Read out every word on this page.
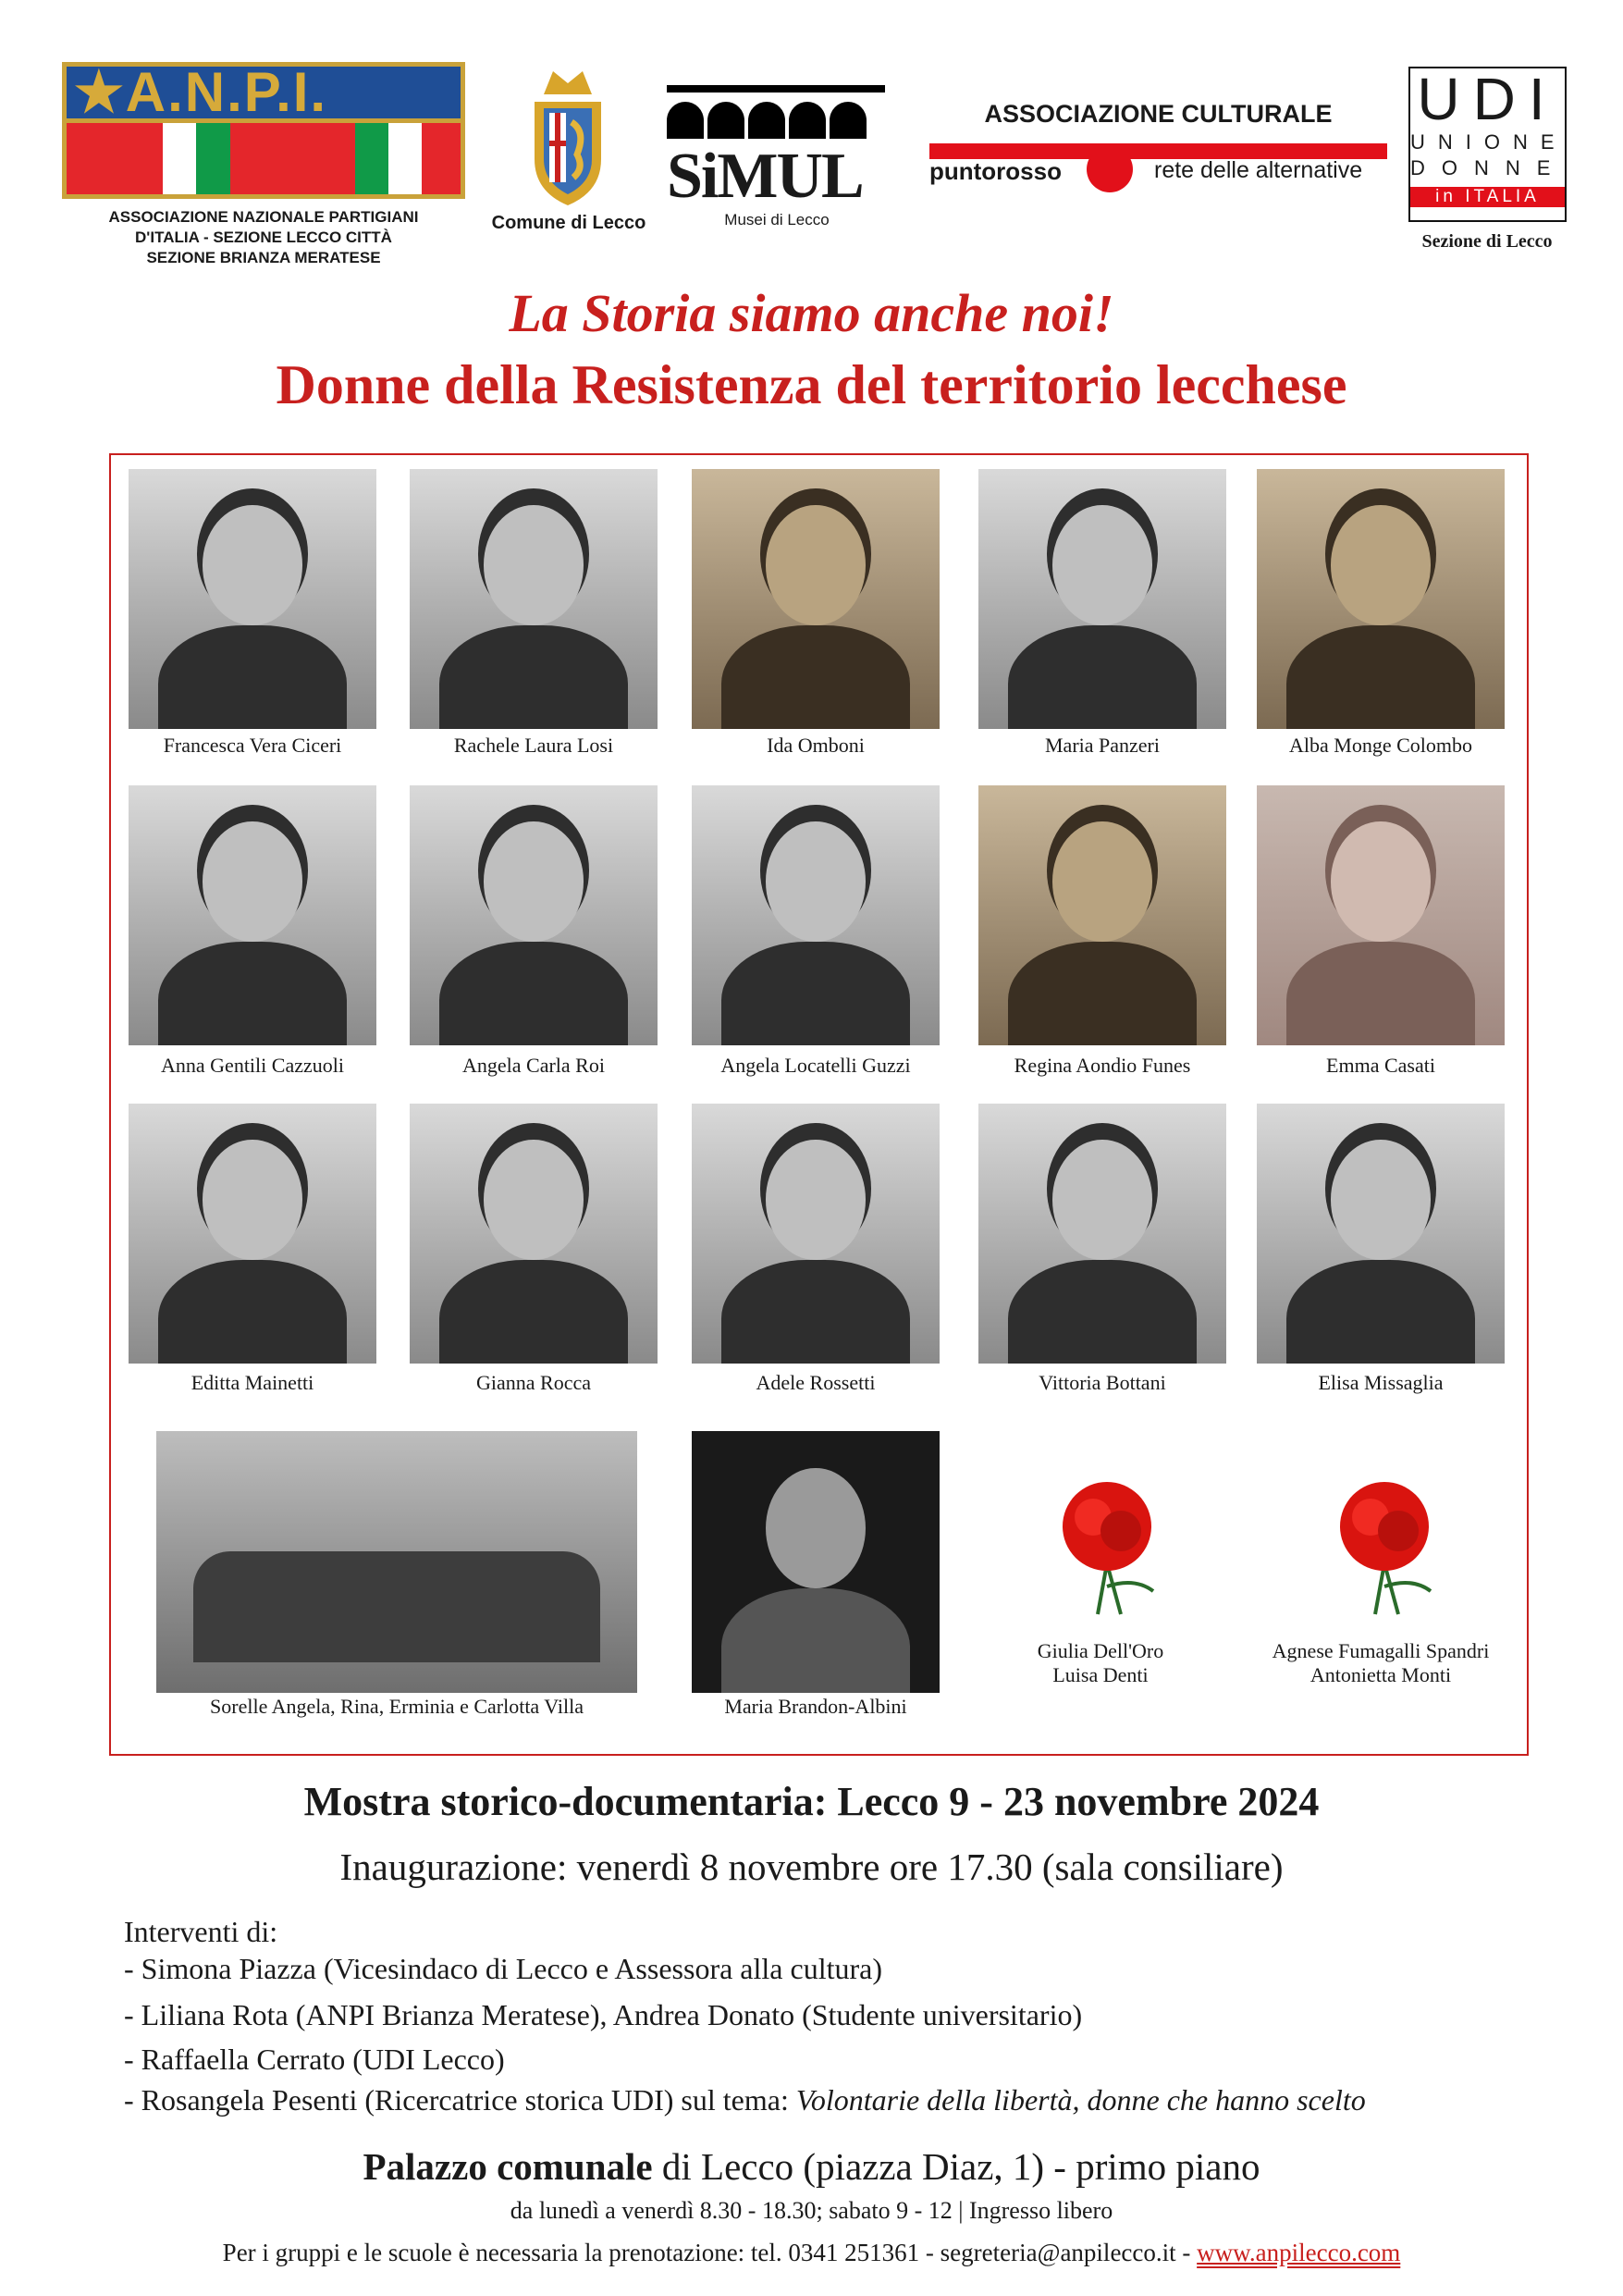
★A.N.P.I.
ASSOCIAZIONE NAZIONALE PARTIGIANI
D'ITALIA - SEZIONE LECCO CITTÀ
SEZIONE BRIANZA MERATESE
Comune di Lecco
SiMUL
Musei di Lecco
ASSOCIAZIONE CULTURALE
puntorosso	rete delle alternative
UDI
UNIONE
DONNE
in ITALIA
Sezione di Lecco
La Storia siamo anche noi!
Donne della Resistenza del territorio lecchese
Francesca Vera Ciceri	Rachele Laura Losi	Ida Omboni	Maria Panzeri	Alba Monge Colombo
Anna Gentili Cazzuoli	Angela Carla Roi	Angela Locatelli Guzzi	Regina Aondio Funes	Emma Casati
Editta Mainetti	Gianna Rocca	Adele Rossetti	Vittoria Bottani	Elisa Missaglia
Sorelle Angela, Rina, Erminia e Carlotta Villa	Maria Brandon-Albini
Giulia Dell'Oro
Luisa Denti
Agnese Fumagalli Spandri
Antonietta Monti
Mostra storico-documentaria: Lecco 9 - 23 novembre 2024
Inaugurazione: venerdì 8 novembre ore 17.30 (sala consiliare)
Interventi di:
- Simona Piazza (Vicesindaco di Lecco e Assessora alla cultura)
- Liliana Rota (ANPI Brianza Meratese), Andrea Donato (Studente universitario)
- Raffaella Cerrato (UDI Lecco)
- Rosangela Pesenti (Ricercatrice storica UDI) sul tema: Volontarie della libertà, donne che hanno scelto
Palazzo comunale di Lecco (piazza Diaz, 1) - primo piano
da lunedì a venerdì 8.30 - 18.30; sabato 9 - 12 | Ingresso libero
Per i gruppi e le scuole è necessaria la prenotazione: tel. 0341 251361 - segreteria@anpilecco.it - www.anpilecco.com
